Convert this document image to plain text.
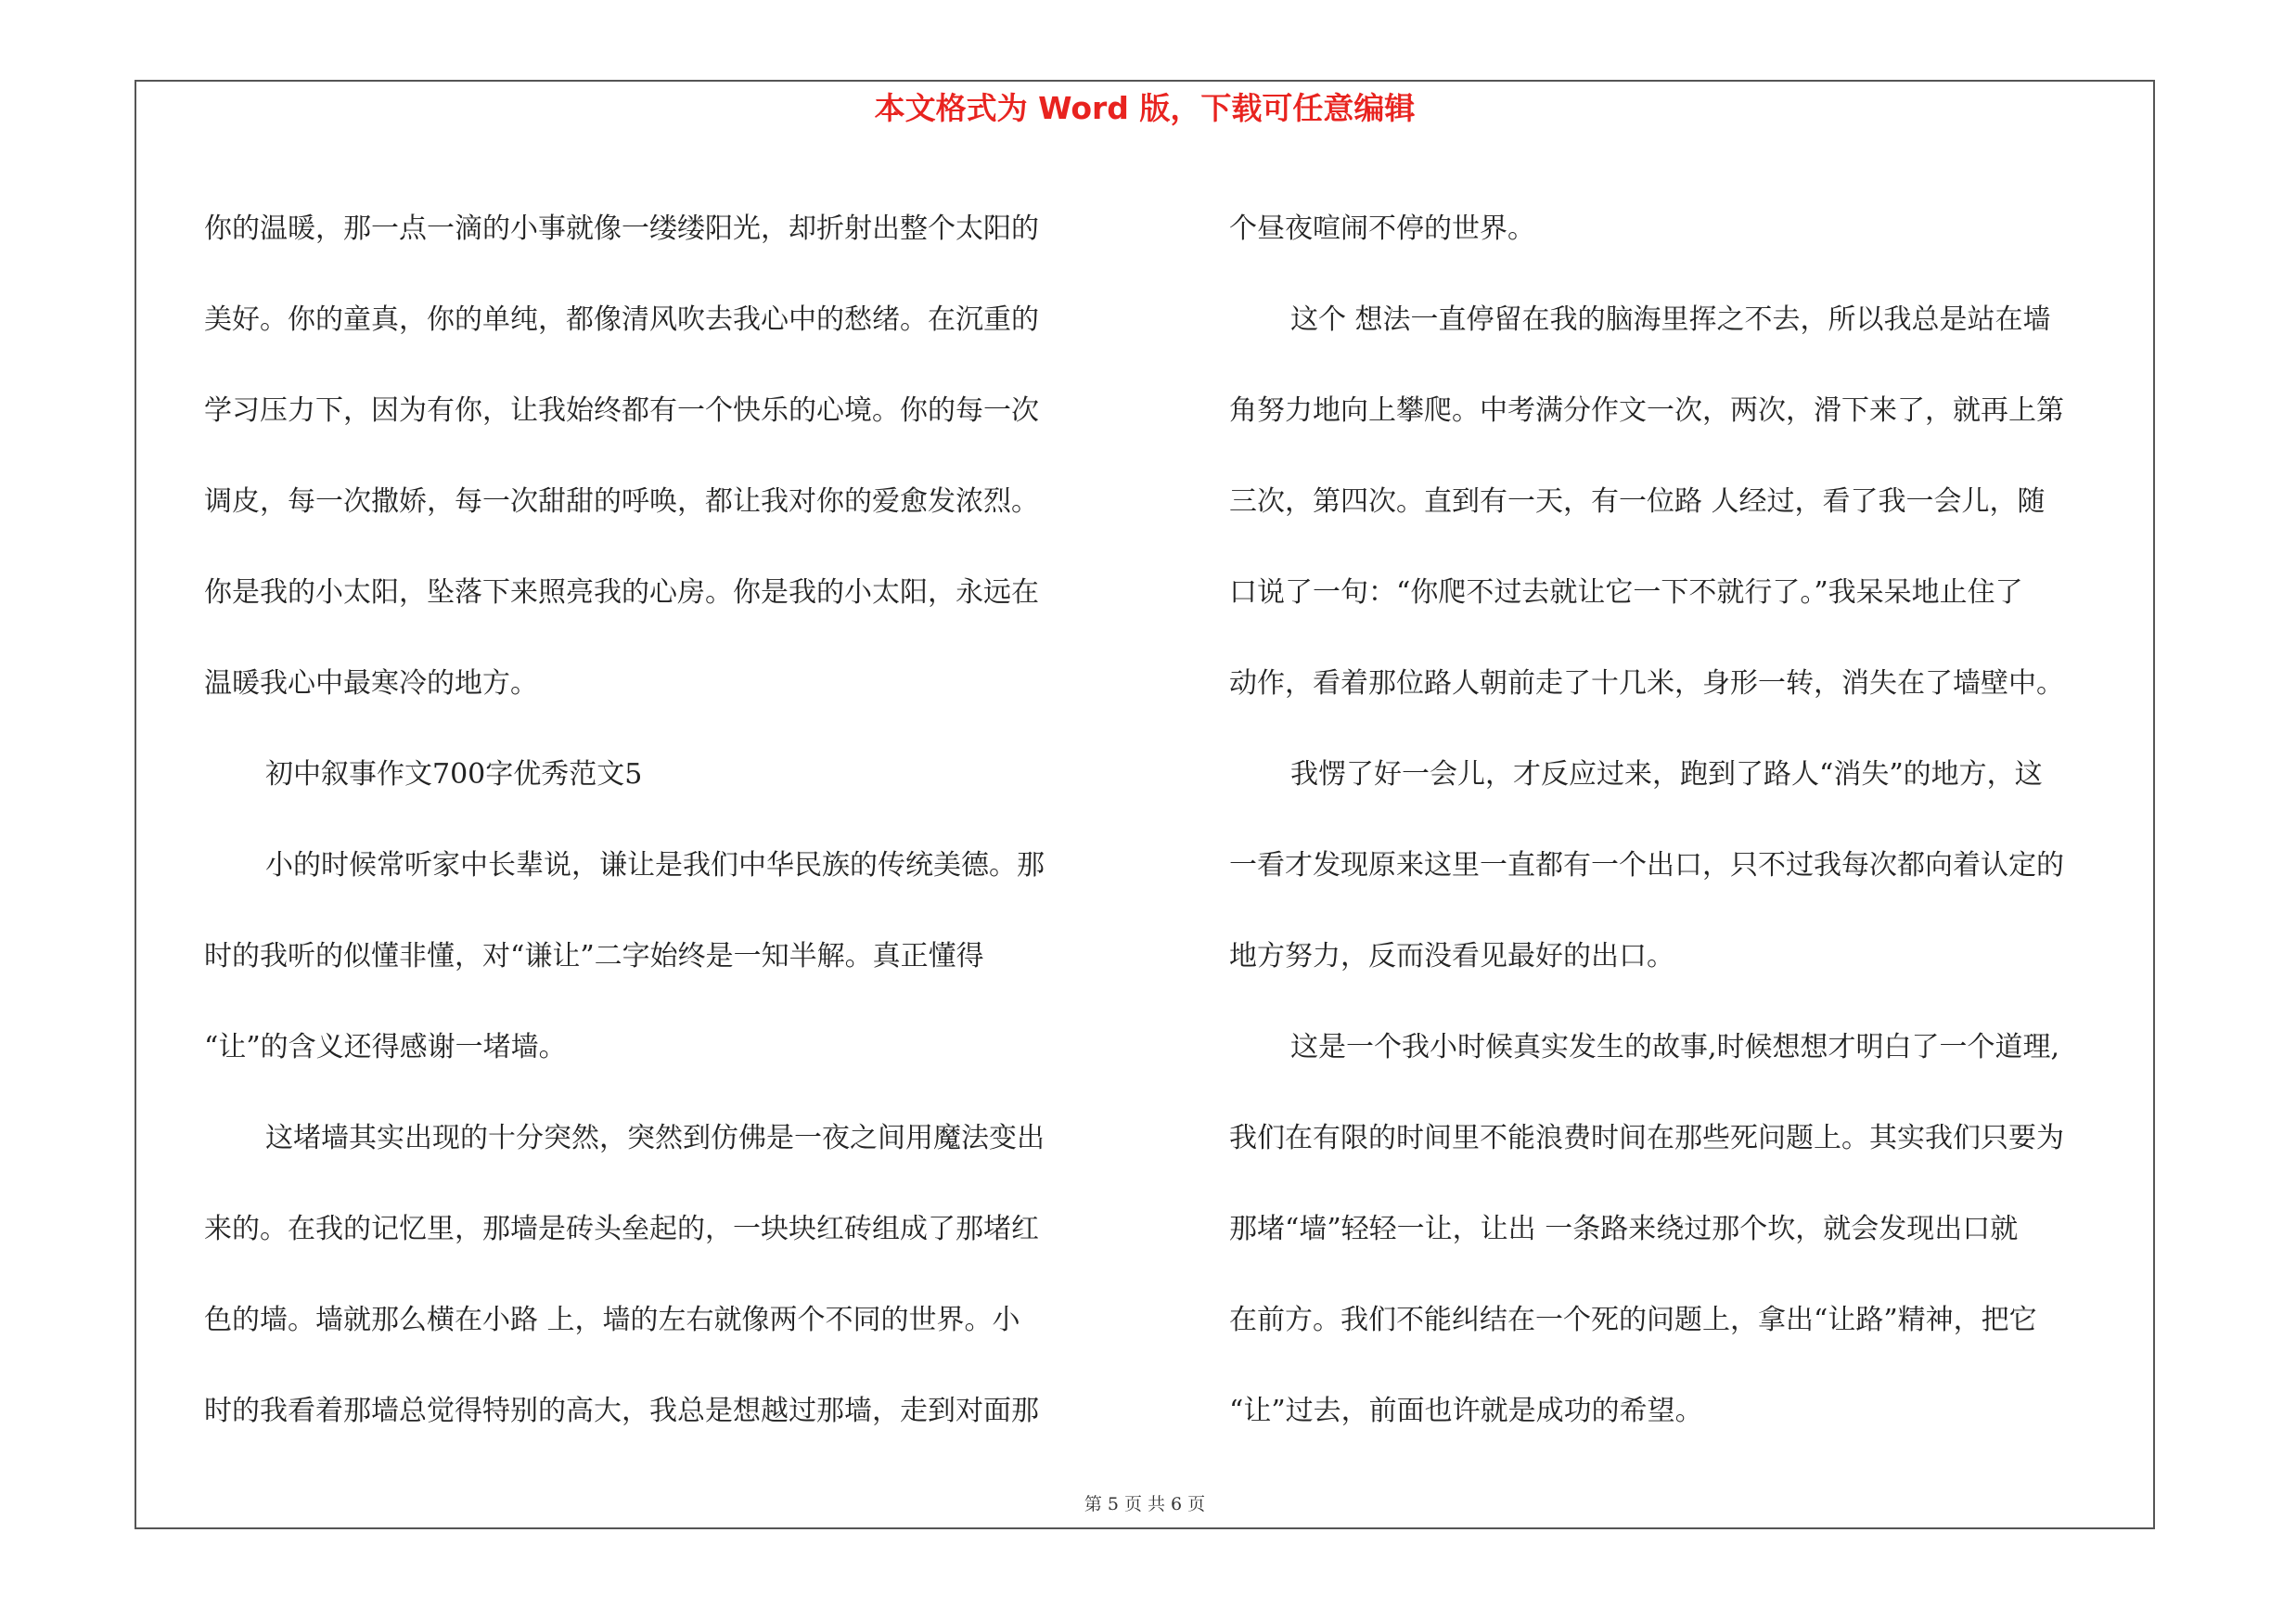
本文格式为 Word 版，下载可任意编辑

你的温暖，那一点一滴的小事就像一缕缕阳光，却折射出整个太阳的

美好。你的童真，你的单纯，都像清风吹去我心中的愁绪。在沉重的

学习压力下，因为有你，让我始终都有一个快乐的心境。你的每一次

调皮，每一次撒娇，每一次甜甜的呼唤，都让我对你的爱愈发浓烈。

你是我的小太阳，坠落下来照亮我的心房。你是我的小太阳，永远在

温暖我心中最寒冷的地方。

初中叙事作文700字优秀范文5

小的时候常听家中长辈说，谦让是我们中华民族的传统美德。那

时的我听的似懂非懂，对“谦让”二字始终是一知半解。真正懂得

“让”的含义还得感谢一堵墙。

这堵墙其实出现的十分突然，突然到仿佛是一夜之间用魔法变出

来的。在我的记忆里，那墙是砖头垒起的，一块块红砖组成了那堵红

色的墙。墙就那么横在小路 上，墙的左右就像两个不同的世界。小

时的我看着那墙总觉得特别的高大，我总是想越过那墙，走到对面那

个昼夜喧闹不停的世界。

这个 想法一直停留在我的脑海里挥之不去，所以我总是站在墙

角努力地向上攀爬。中考满分作文一次，两次，滑下来了，就再上第

三次，第四次。直到有一天，有一位路 人经过，看了我一会儿，随

口说了一句：“你爬不过去就让它一下不就行了。”我呆呆地止住了

动作，看着那位路人朝前走了十几米，身形一转，消失在了墙壁中。

我愣了好一会儿，才反应过来，跑到了路人“消失”的地方，这

一看才发现原来这里一直都有一个出口，只不过我每次都向着认定的

地方努力，反而没看见最好的出口。

这是一个我小时候真实发生的故事,时候想想才明白了一个道理,

我们在有限的时间里不能浪费时间在那些死问题上。其实我们只要为

那堵“墙”轻轻一让，让出 一条路来绕过那个坎，就会发现出口就

在前方。我们不能纠结在一个死的问题上，拿出“让路”精神，把它

“让”过去，前面也许就是成功的希望。

第 5 页 共 6 页
